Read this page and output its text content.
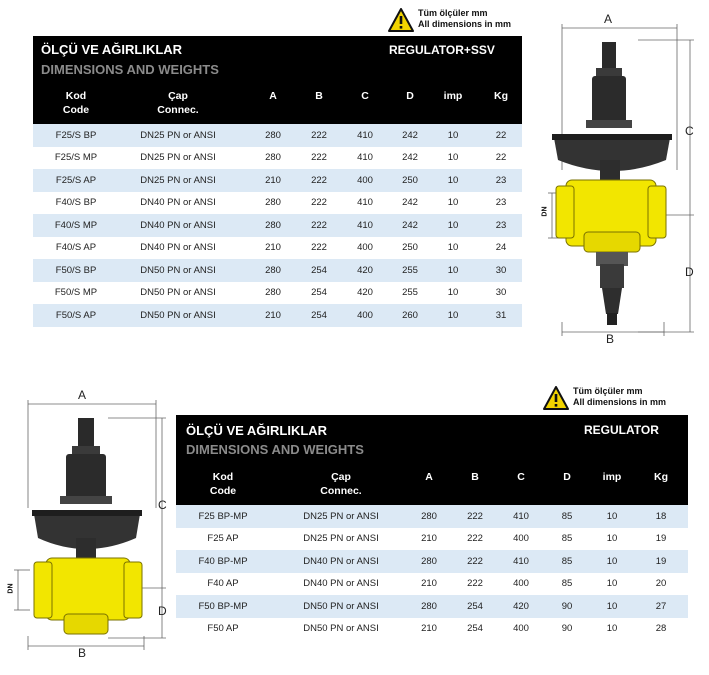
Tüm ölçüler mm
All dimensions in mm
Tüm ölçüler mm
All dimensions in mm
ÖLÇÜ VE AĞIRLIKLAR
DIMENSIONS AND WEIGHTS
REGULATOR+SSV
Kod
Code
Çap
Connec.
A	B	C	D	imp	Kg
F25/S BP	DN25 PN or ANSI	280	222	410	242	10	22
F25/S MP	DN25 PN or ANSI	280	222	410	242	10	22
F25/S AP	DN25 PN or ANSI	210	222	400	250	10	23
F40/S BP	DN40 PN or ANSI	280	222	410	242	10	23
F40/S MP	DN40 PN or ANSI	280	222	410	242	10	23
F40/S AP	DN40 PN or ANSI	210	222	400	250	10	24
F50/S BP	DN50 PN or ANSI	280	254	420	255	10	30
F50/S MP	DN50 PN or ANSI	280	254	420	255	10	30
F50/S AP	DN50 PN or ANSI	210	254	400	260	10	31
ÖLÇÜ VE AĞIRLIKLAR
DIMENSIONS AND WEIGHTS
REGULATOR
Kod
Code
Çap
Connec.
A	B	C	D	imp	Kg
F25 BP-MP	DN25 PN or ANSI	280	222	410	85	10	18
F25 AP	DN25 PN or ANSI	210	222	400	85	10	19
F40 BP-MP	DN40 PN or ANSI	280	222	410	85	10	19
F40 AP	DN40 PN or ANSI	210	222	400	85	10	20
F50 BP-MP	DN50 PN or ANSI	280	254	420	90	10	27
F50 AP	DN50 PN or ANSI	210	254	400	90	10	28
A
B
C
D
DN
A
B
C
D
DN
